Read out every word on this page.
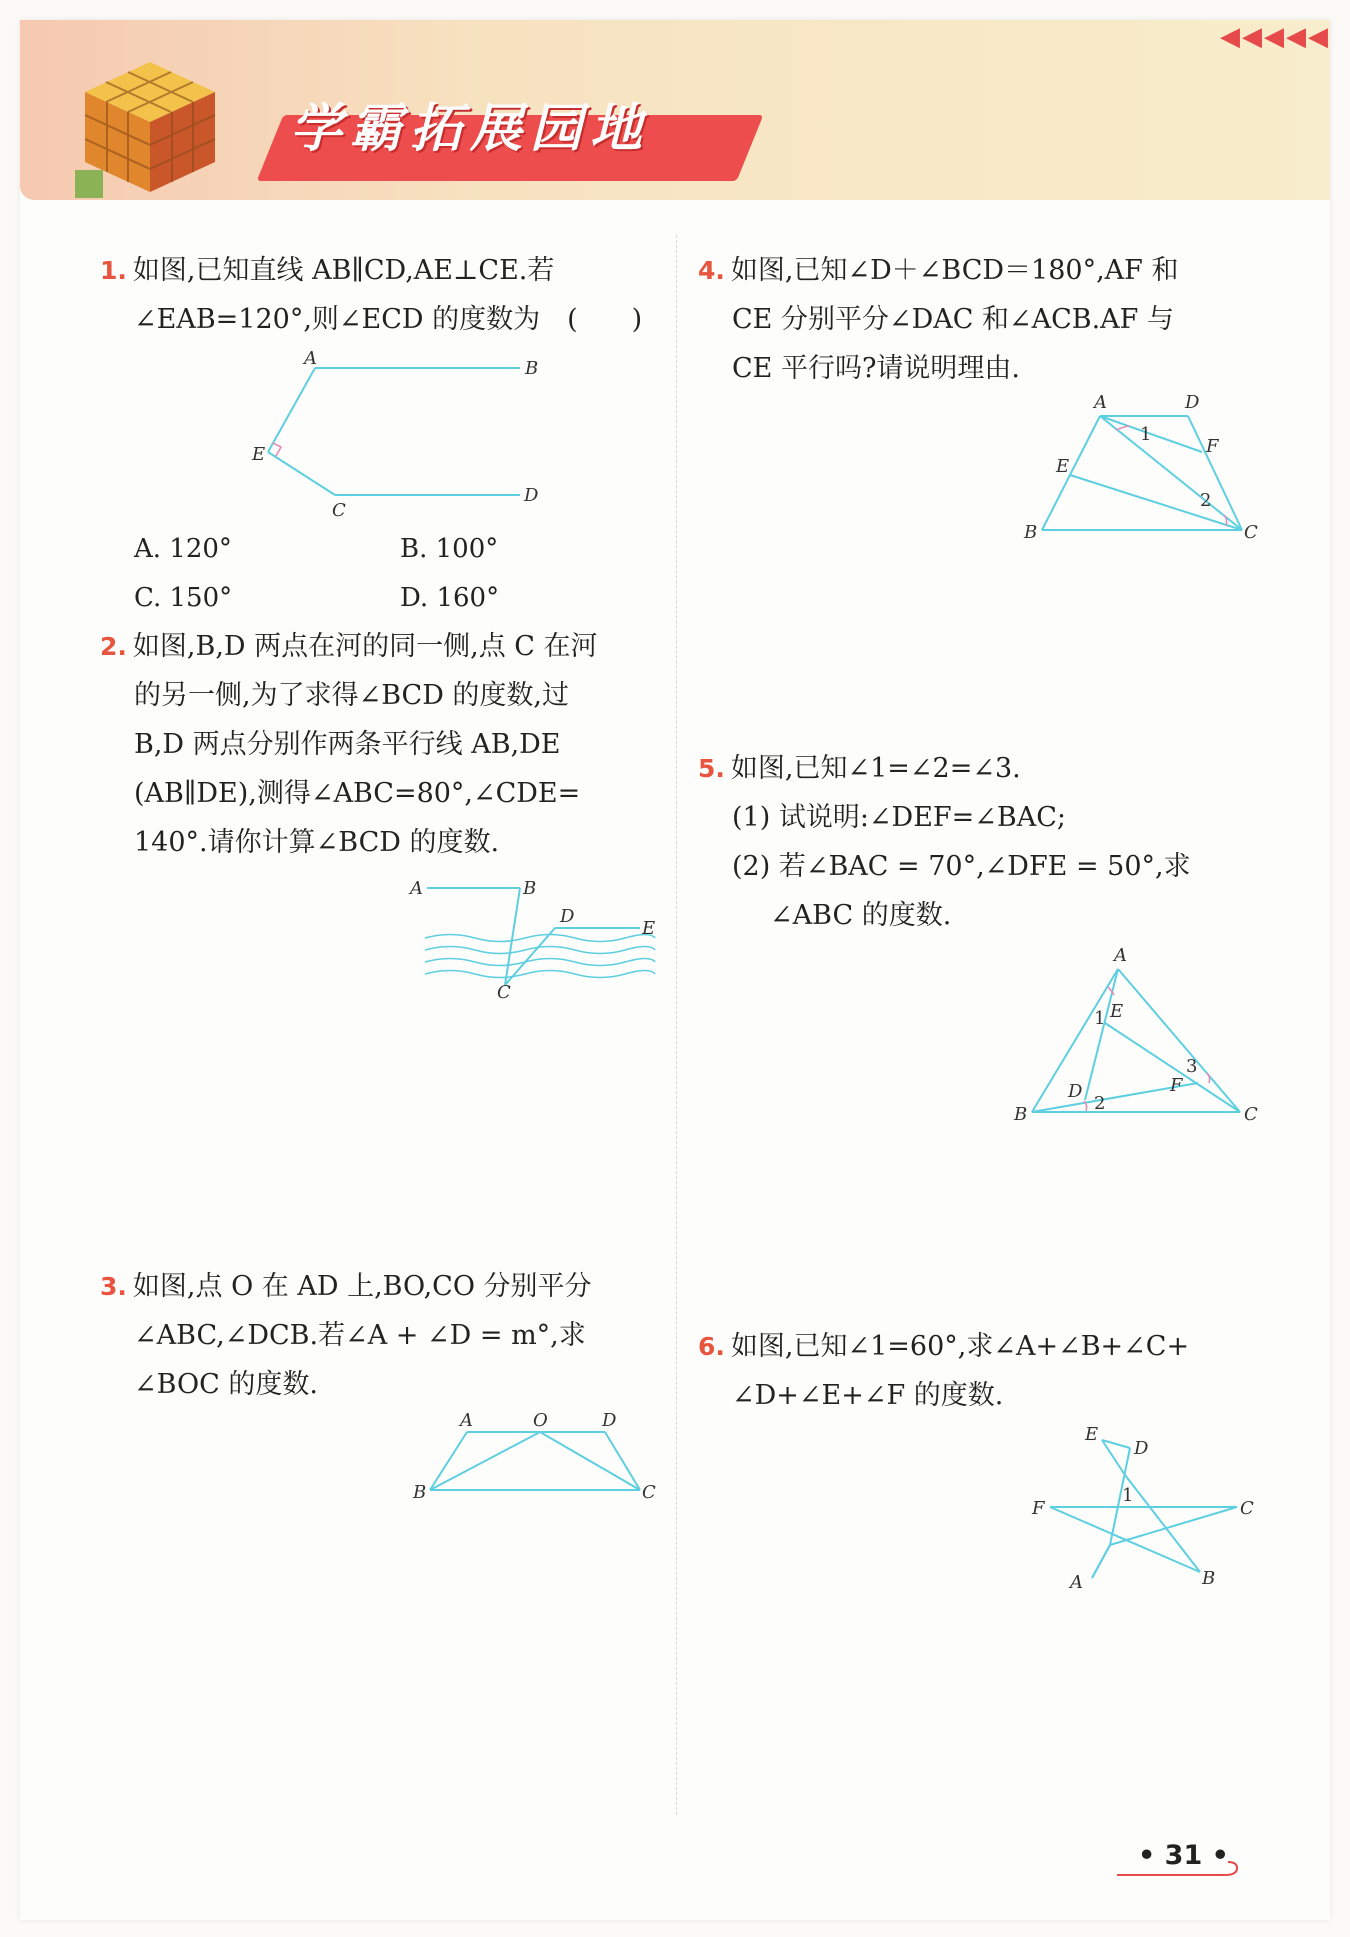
学霸拓展园地
◀◀◀◀◀
1. 如图,已知直线 AB∥CD,AE⊥CE.若
∠EAB=120°,则∠ECD 的度数为　(　　)
A	B
E
C
D
A. 120°	B. 100°
C. 150°	D. 160°
2. 如图,B,D 两点在河的同一侧,点 C 在河
的另一侧,为了求得∠BCD 的度数,过
B,D 两点分别作两条平行线 AB,DE
(AB∥DE),测得∠ABC=80°,∠CDE=
140°.请你计算∠BCD 的度数.
A	B
D
E
C
3. 如图,点 O 在 AD 上,BO,CO 分别平分
∠ABC,∠DCB.若∠A + ∠D = m°,求
∠BOC 的度数.
A	O	D
B	C
4. 如图,已知∠D＋∠BCD＝180°,AF 和
CE 分别平分∠DAC 和∠ACB.AF 与
CE 平行吗?请说明理由.
A	D
F
E
B	C
1
2
5. 如图,已知∠1=∠2=∠3.
(1) 试说明:∠DEF=∠BAC;
(2) 若∠BAC = 70°,∠DFE = 50°,求
∠ABC 的度数.
A
E
D	F
B	C
1
2
3
6. 如图,已知∠1=60°,求∠A+∠B+∠C+
∠D+∠E+∠F 的度数.
E
D
F	C
A	B
1
• 31 •
